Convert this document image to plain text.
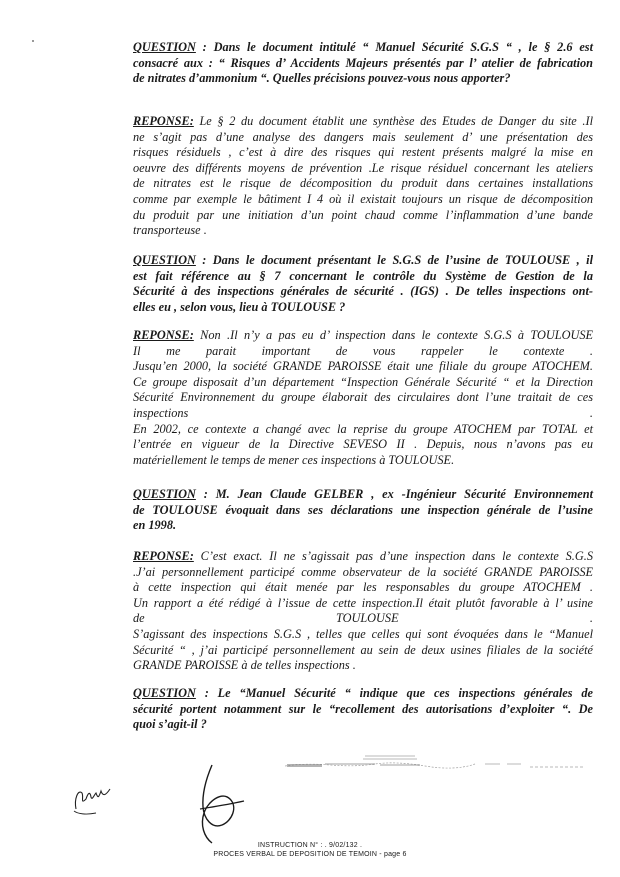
QUESTION : Dans le document intitulé “ Manuel Sécurité S.G.S “ , le § 2.6 est
consacré aux : “ Risques d’ Accidents Majeurs présentés par l’ atelier de fabrication
de nitrates d’ammonium “. Quelles précisions pouvez-vous nous apporter?
REPONSE: Le § 2 du document établit une synthèse des Etudes de Danger du site .Il
ne s’agit pas d’une analyse des dangers mais seulement d’ une présentation des
risques résiduels , c’est à dire des risques qui restent présents malgré la mise en
oeuvre des différents moyens de prévention .Le risque résiduel concernant les ateliers
de nitrates est le risque de décomposition du produit dans certaines installations
comme par exemple le bâtiment I 4 où il existait toujours un risque de décomposition
du produit par une initiation d’un point chaud comme l’inflammation d’une bande
transporteuse .
QUESTION : Dans le document présentant le S.G.S de l’usine de TOULOUSE , il
est fait référence au § 7 concernant le contrôle du Système de Gestion de la
Sécurité à des inspections générales de sécurité . (IGS) . De telles inspections ont-
elles eu , selon vous, lieu à TOULOUSE ?
REPONSE: Non .Il n’y a pas eu d’ inspection dans le contexte S.G.S à TOULOUSE
Il me parait important de vous rappeler le contexte .
Jusqu’en 2000, la société GRANDE PAROISSE était une filiale du groupe ATOCHEM.
Ce groupe disposait d’un département “Inspection Générale Sécurité “ et la Direction
Sécurité Environnement du groupe élaborait des circulaires dont l’une traitait de ces
inspections .
En 2002, ce contexte a changé avec la reprise du groupe ATOCHEM par TOTAL et
l’entrée en vigueur de la Directive SEVESO II . Depuis, nous n’avons pas eu
matériellement le temps de mener ces inspections à TOULOUSE.
QUESTION : M. Jean Claude GELBER , ex -Ingénieur Sécurité Environnement
de TOULOUSE évoquait dans ses déclarations une inspection générale de l’usine
en 1998.
REPONSE: C’est exact. Il ne s’agissait pas d’une inspection dans le contexte S.G.S
.J’ai personnellement participé comme observateur de la société GRANDE PAROISSE
à cette inspection qui était menée par les responsables du groupe ATOCHEM .
Un rapport a été rédigé à l’issue de cette inspection.Il était plutôt favorable à l’ usine
de TOULOUSE .
S’agissant des inspections S.G.S , telles que celles qui sont évoquées dans le “Manuel
Sécurité “ , j’ai participé personnellement au sein de deux usines filiales de la société
GRANDE PAROISSE à de telles inspections .
QUESTION : Le “Manuel Sécurité “ indique que ces inspections générales de
sécurité portent notamment sur le “recollement des autorisations d’exploiter “. De
quoi s’agit-il ?
INSTRUCTION N° : . 9/02/132 .
PROCES VERBAL DE DEPOSITION DE TEMOIN - page 6
